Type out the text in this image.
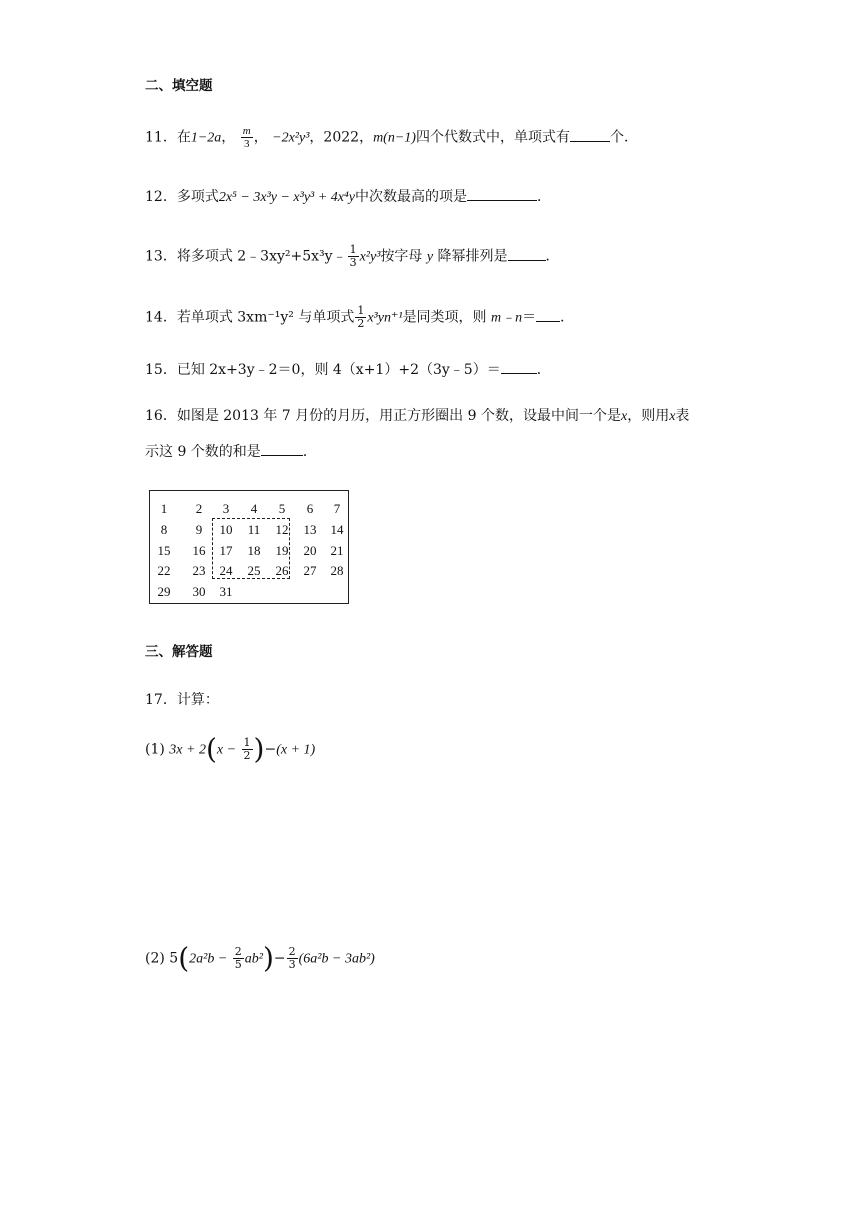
二、填空题
11．在1−2a， $\frac{m}{3}$ ， −2x²y³，2022，m(n−1)四个代数式中，单项式有	个．
12．多项式2x⁵ − 3x³y − x³y³ + 4x⁴y中次数最高的项是	．
13．将多项式 2﹣3xy²+5x³y﹣ $\frac{1}{3} x^2y^3$按字母 y 降幂排列是	．
14．若单项式 3xm⁻¹y² 与单项式 $\frac{1}{2} x^3yn^{+1}$是同类项，则 m﹣n＝ ．
15．已知 2x+3y﹣2＝0，则 4（x+1）+2（3y﹣5）＝	．
16．如图是 2013 年 7 月份的月历，用正方形圈出 9 个数，设最中间一个是x，则用x表
示这 9 个数的和是	．
1	2	3	4	5	6	7
8	9	10	11	12	13	14
15	16	17	18	19	20	21
22	23	24	25	26	27	28
29	30	31
三、解答题
17．计算：
(1) $3x + 2(x - \frac{1}{2} )-(x + 1)$
(2) $5(2a^2b - \frac{2}{5} ab^2)- \frac{2}{3} (6a^2b - 3ab^2)$
